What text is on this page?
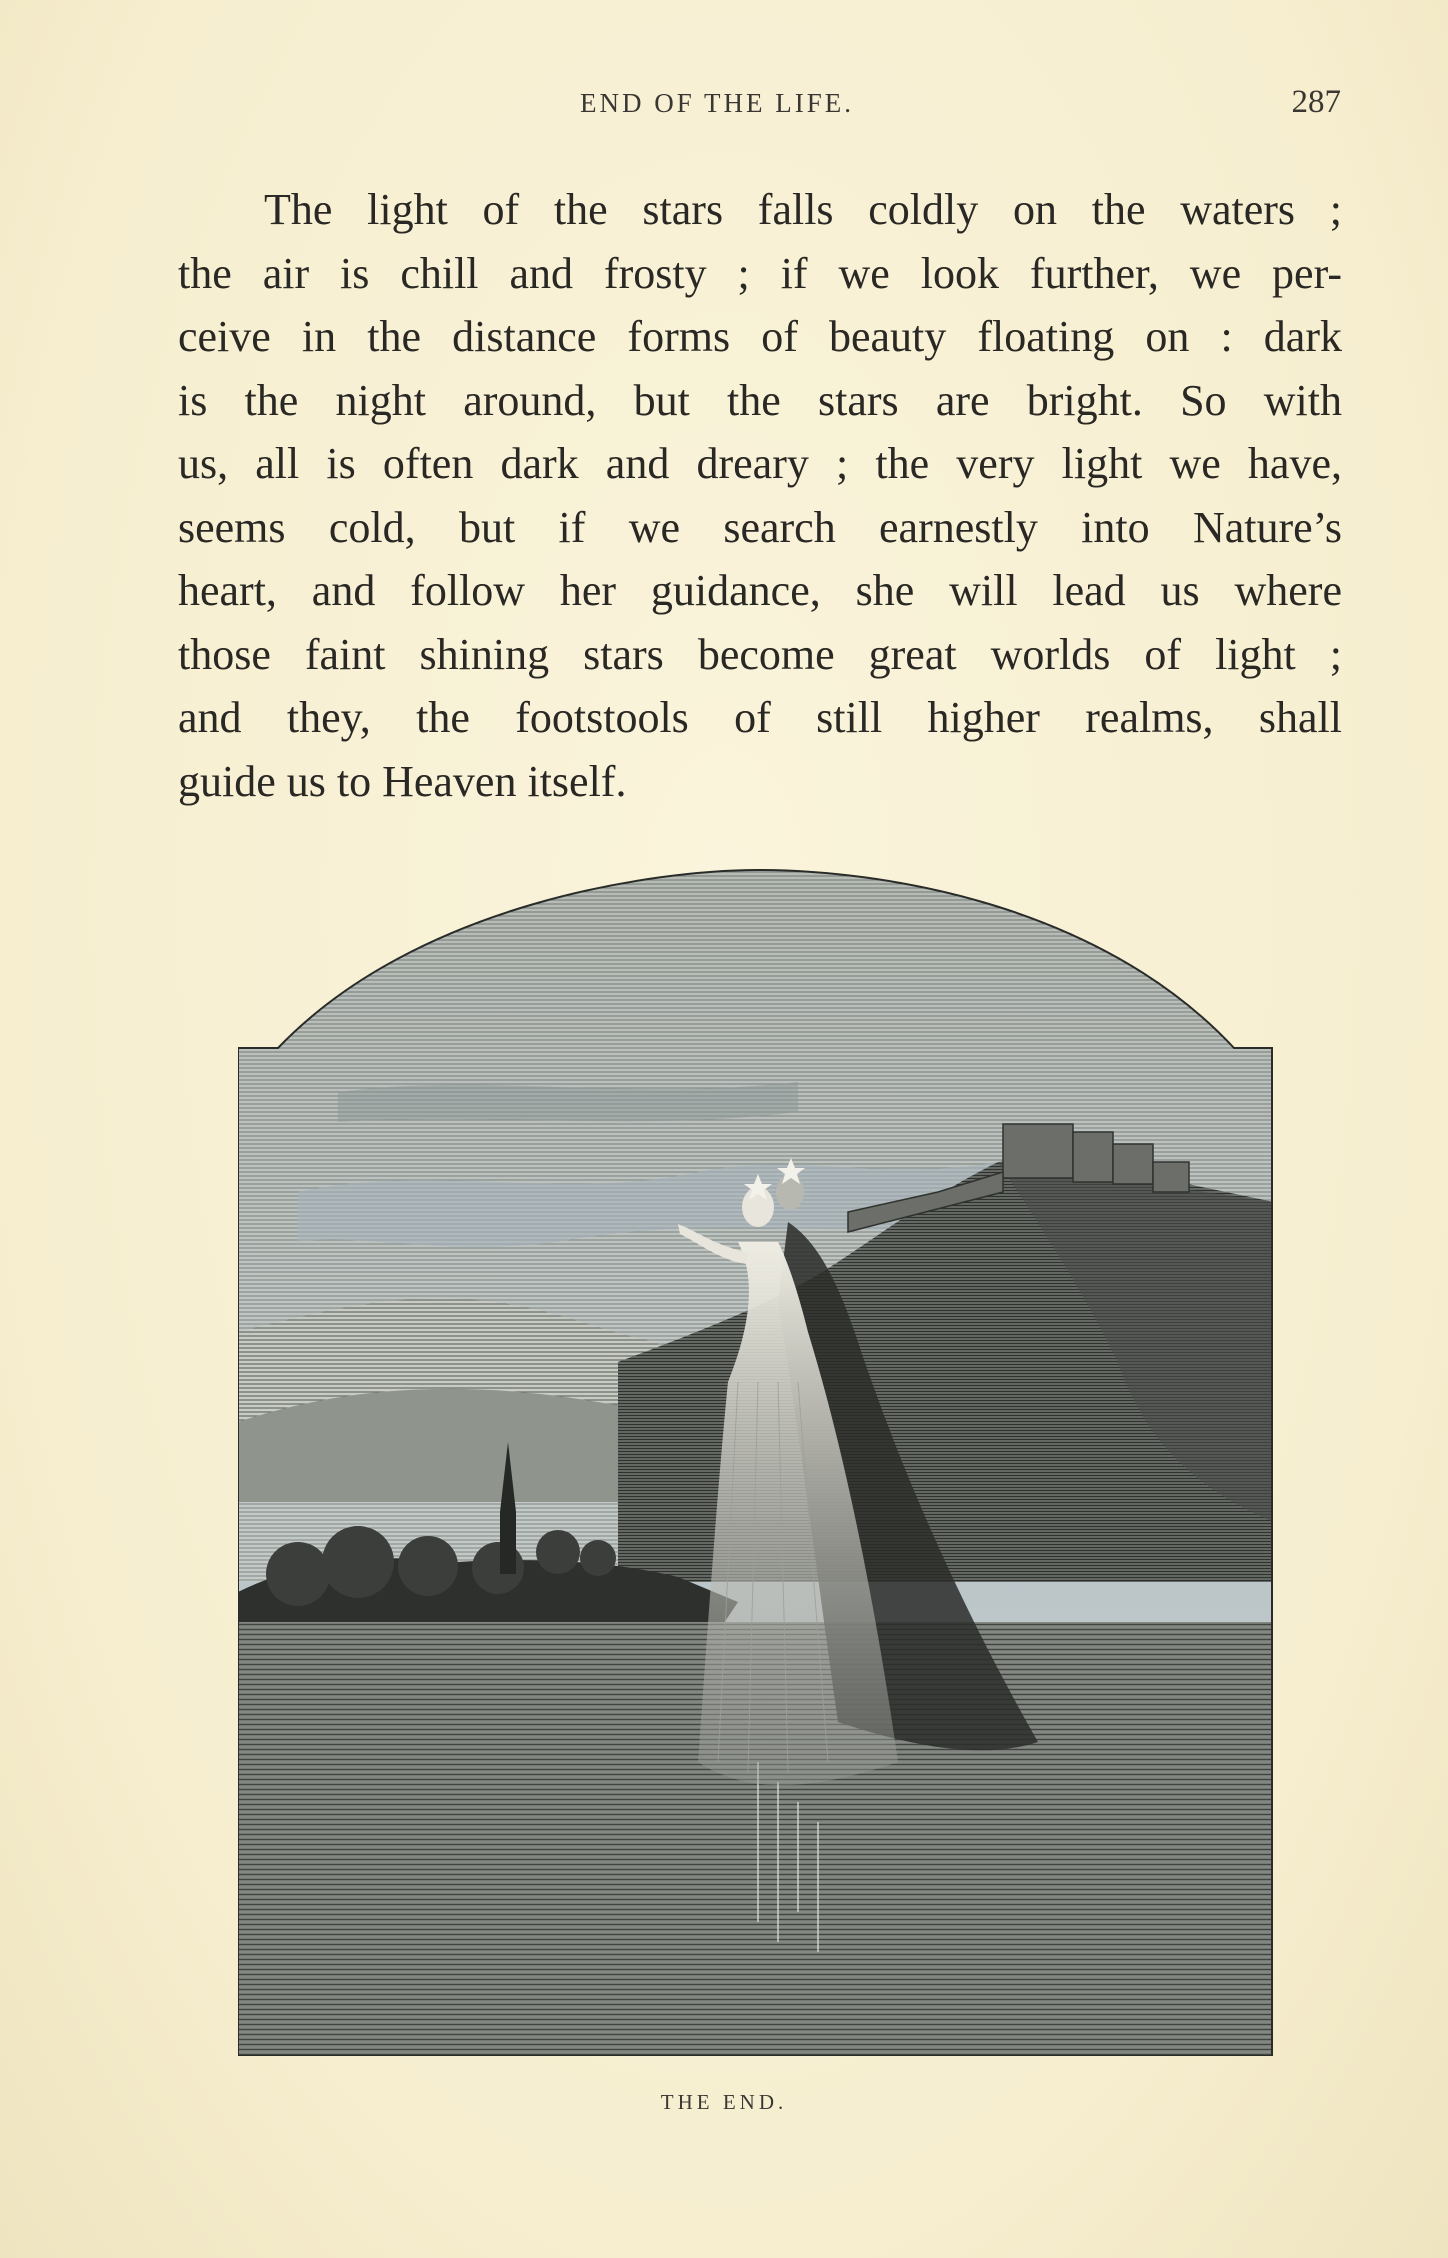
END OF THE LIFE.	287
The light of the stars falls coldly on the waters ;
the air is chill and frosty ; if we look further, we per-
ceive in the distance forms of beauty floating on : dark
is the night around, but the stars are bright. So with
us, all is often dark and dreary ; the very light we have,
seems cold, but if we search earnestly into Nature’s
heart, and follow her guidance, she will lead us where
those faint shining stars become great worlds of light ;
and they, the footstools of still higher realms, shall
guide us to Heaven itself.
THE END.
